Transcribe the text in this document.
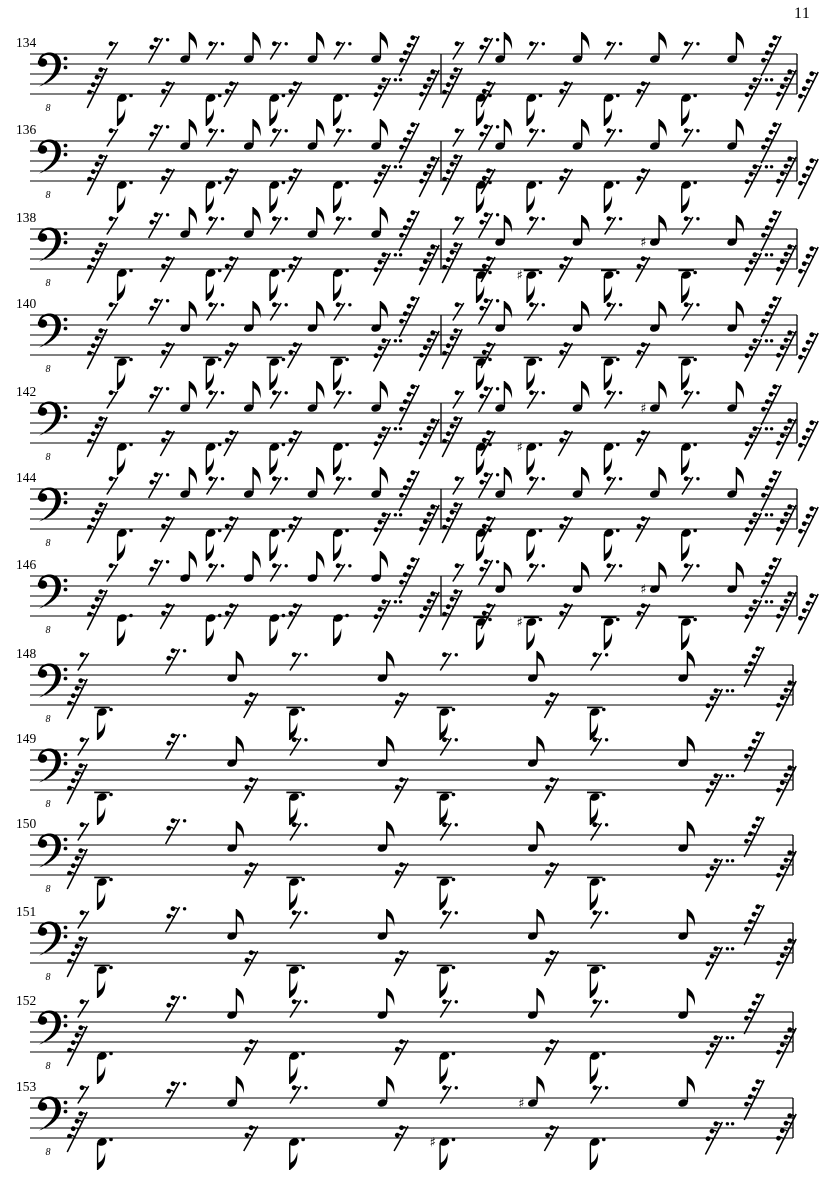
11
134
8
136
8
138
8	♯
♯
140
8
142
8
♯
♯
144
8
146
8	♯
♯
148
8
149
8
150
8
151
8
152
8
153
8
♯
♯
